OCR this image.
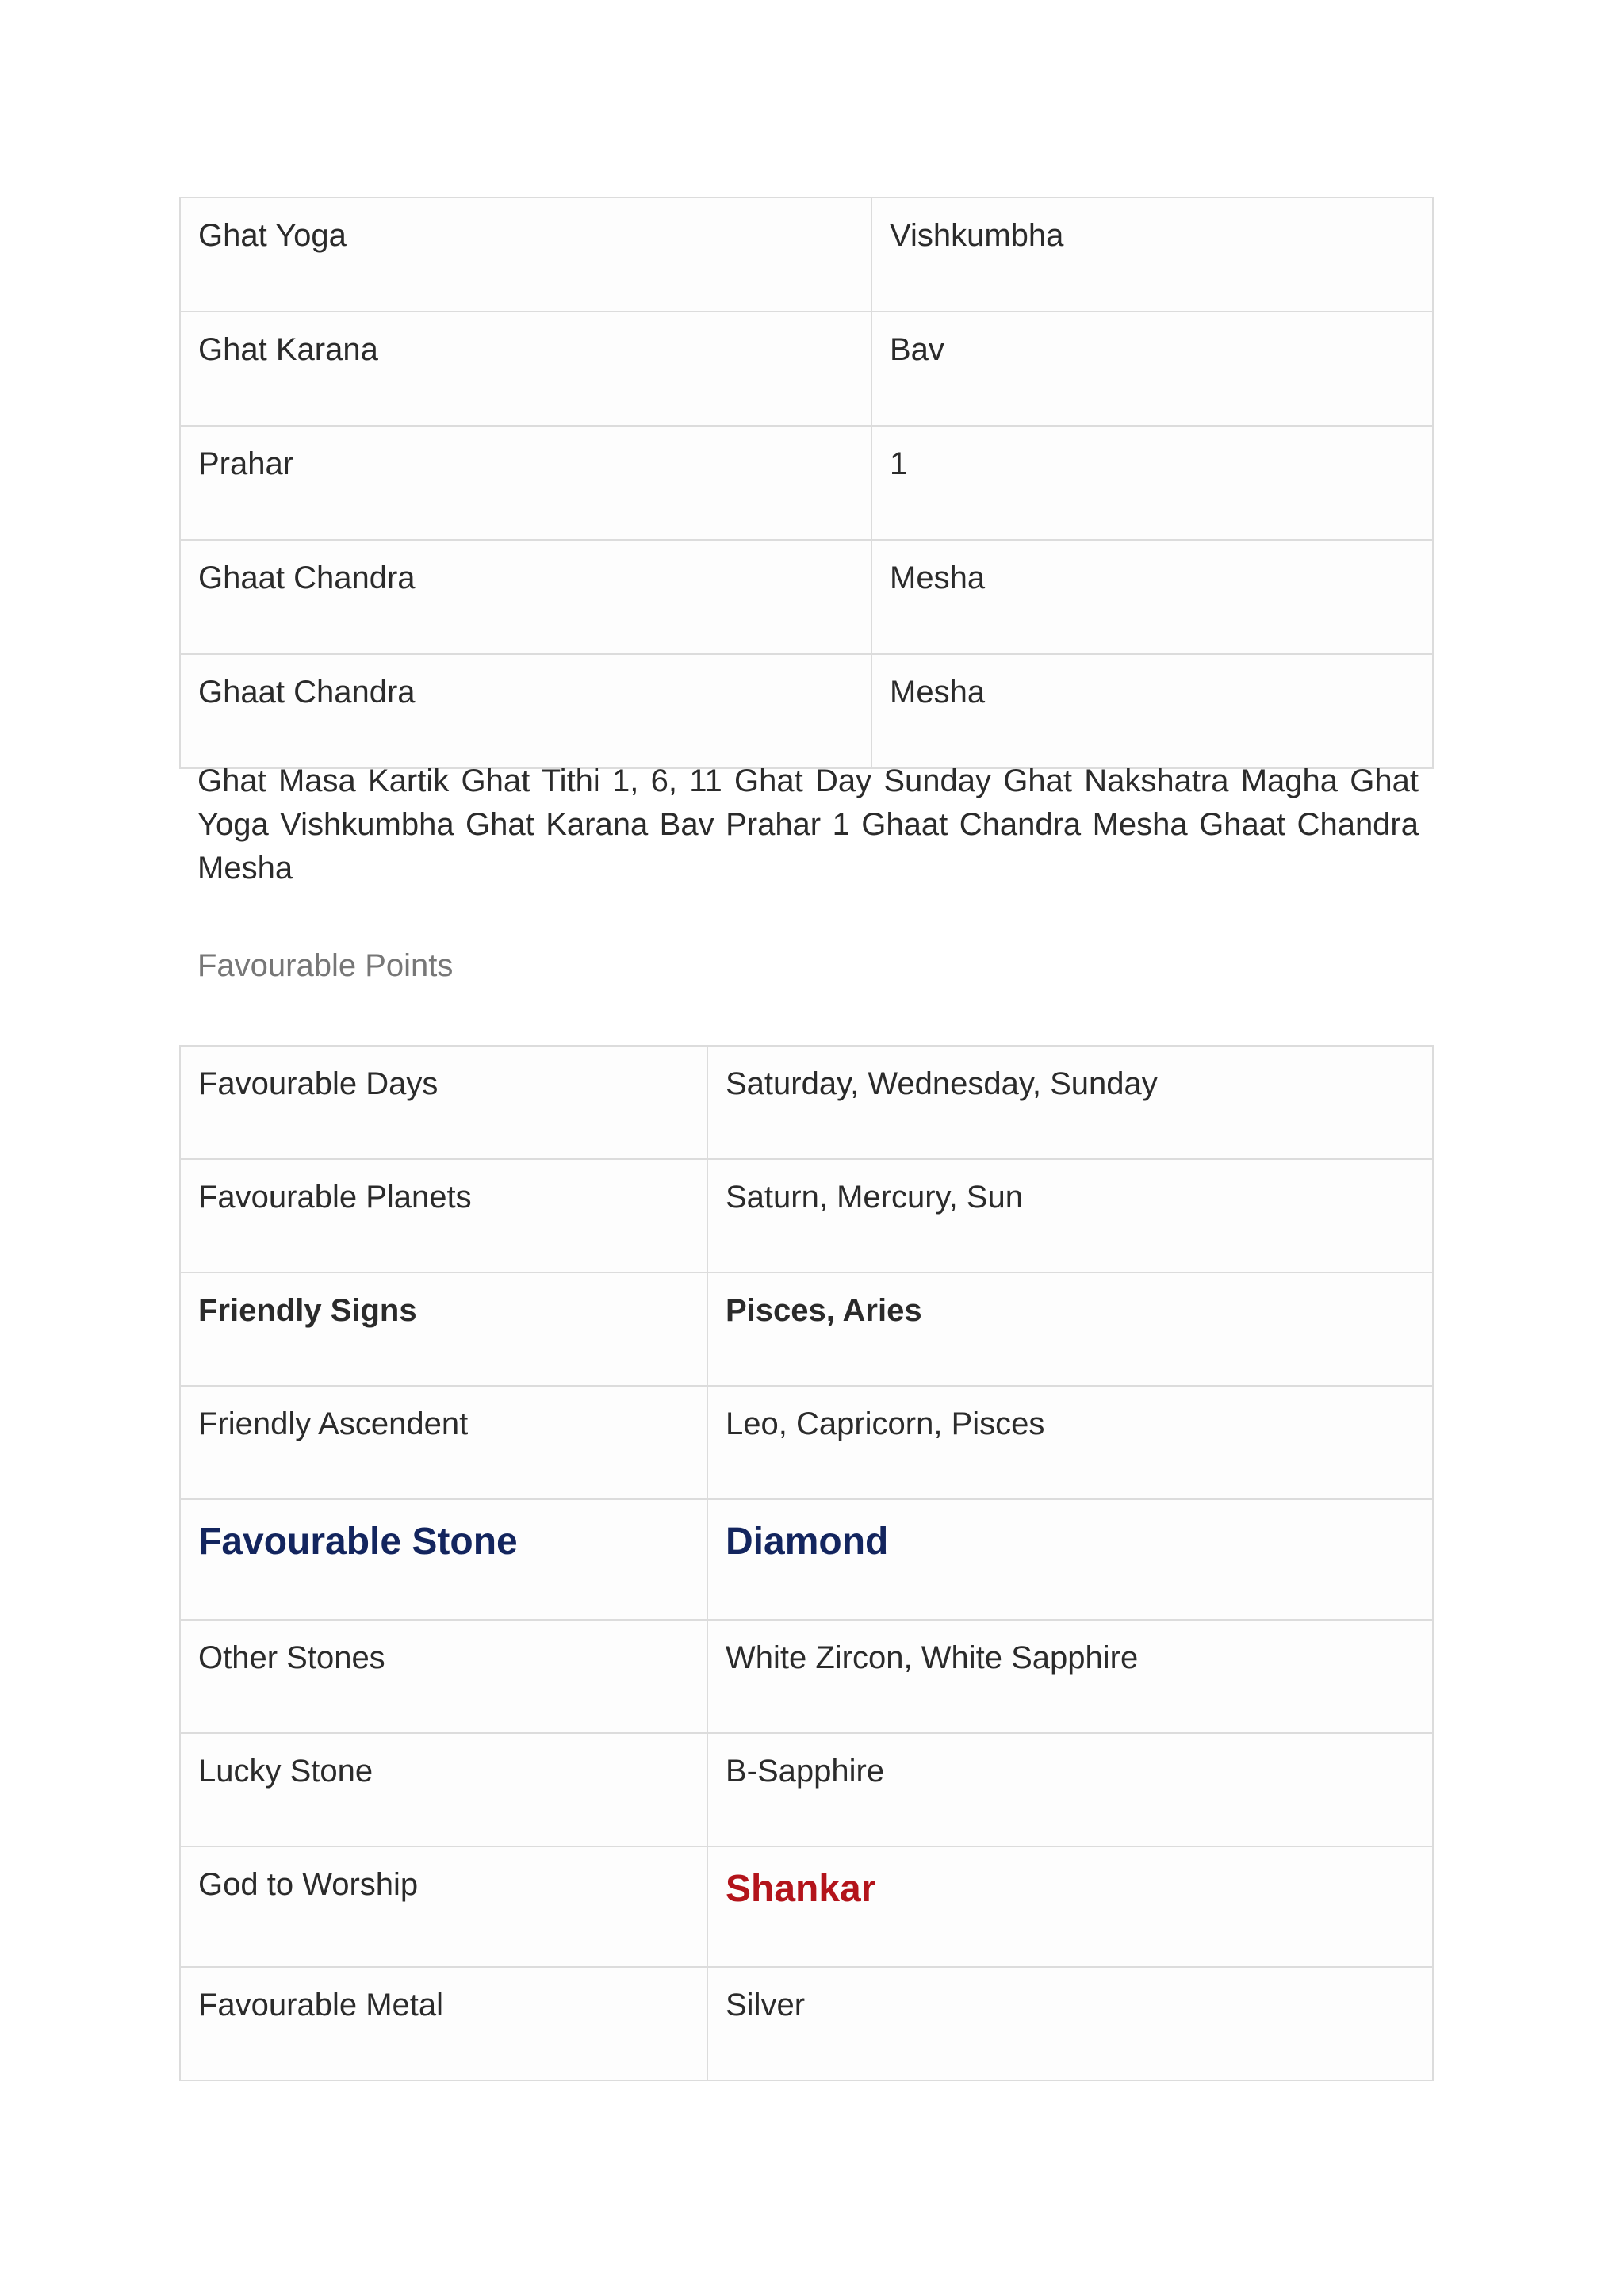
Ghat Yoga	Vishkumbha
Ghat Karana	Bav
Prahar	1
Ghaat Chandra	Mesha
Ghaat Chandra	Mesha

Ghat Masa Kartik Ghat Tithi 1, 6, 11 Ghat Day Sunday Ghat Nakshatra Magha Ghat Yoga Vishkumbha Ghat Karana Bav Prahar 1 Ghaat Chandra Mesha Ghaat Chandra Mesha

Favourable Points
Favourable Days	Saturday, Wednesday, Sunday
Favourable Planets	Saturn, Mercury, Sun
Friendly Signs	Pisces, Aries
Friendly Ascendent	Leo, Capricorn, Pisces
Favourable Stone	Diamond
Other Stones	White Zircon, White Sapphire
Lucky Stone	B-Sapphire
God to Worship	Shankar
Favourable Metal	Silver
